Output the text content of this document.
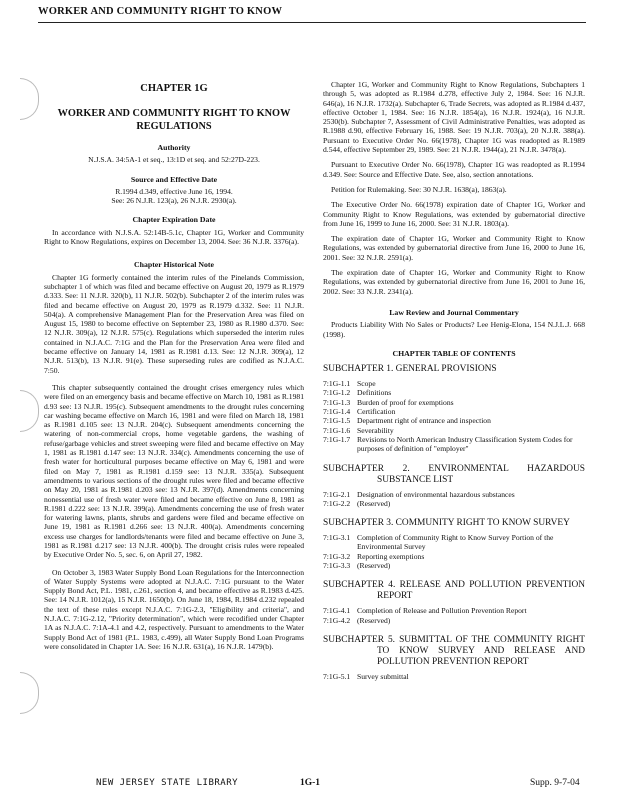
WORKER AND COMMUNITY RIGHT TO KNOW
CHAPTER 1G
WORKER AND COMMUNITY RIGHT TO KNOW REGULATIONS
Authority
N.J.S.A. 34:5A-1 et seq., 13:1D et seq. and 52:27D-223.
Source and Effective Date
R.1994 d.349, effective June 16, 1994.
See: 26 N.J.R. 123(a), 26 N.J.R. 2930(a).
Chapter Expiration Date

In accordance with N.J.S.A. 52:14B-5.1c, Chapter 1G, Worker and Community Right to Know Regulations, expires on December 13, 2004. See: 36 N.J.R. 3376(a).

Chapter Historical Note

Chapter 1G formerly contained the interim rules of the Pinelands Commission, subchapter 1 of which was filed and became effective on August 20, 1979 as R.1979 d.333. See: 11 N.J.R. 320(b), 11 N.J.R. 502(b). Subchapter 2 of the interim rules was filed and became effective on August 20, 1979 as R.1979 d.332. See: 11 N.J.R. 504(a). A comprehensive Management Plan for the Preservation Area was filed on August 15, 1980 to become effective on September 23, 1980 as R.1980 d.370. See: 12 N.J.R. 309(a), 12 N.J.R. 575(c). Regulations which superseded the interim rules contained in N.J.A.C. 7:1G and the Plan for the Preservation Area were filed and became effective on January 14, 1981 as R.1981 d.13. See: 12 N.J.R. 309(a), 12 N.J.R. 513(b), 13 N.J.R. 91(e). These superseding rules are codified as N.J.A.C. 7:50.

This chapter subsequently contained the drought crises emergency rules which were filed on an emergency basis and became effective on March 10, 1981 as R.1981 d.93 see: 13 N.J.R. 195(c). Subsequent amendments to the drought rules concerning car washing became effective on March 16, 1981 and were filed on March 18, 1981 as R.1981 d.105 see: 13 N.J.R. 204(c). Subsequent amendments concerning the watering of non-commercial crops, home vegetable gardens, the washing of refuse/garbage vehicles and street sweeping were filed and became effective on May 1, 1981 as R.1981 d.147 see: 13 N.J.R. 334(c). Amendments concerning the use of fresh water for horticultural purposes became effective on May 6, 1981 and were filed on May 7, 1981 as R.1981 d.159 see: 13 N.J.R. 335(a). Subsequent amendments to various sections of the drought rules were filed and became effective on May 20, 1981 as R.1981 d.203 see: 13 N.J.R. 397(d). Amendments concerning nonessential use of fresh water were filed and became effective on June 8, 1981 as R.1981 d.222 see: 13 N.J.R. 399(a). Amendments concerning the use of fresh water for watering lawns, plants, shrubs and gardens were filed and became effective on June 19, 1981 as R.1981 d.266 see: 13 N.J.R. 400(a). Amendments concerning excess use charges for landlords/tenants were filed and became effective on June 3, 1981 as R.1981 d.217 see: 13 N.J.R. 400(b). The drought crisis rules were repealed by Executive Order No. 5, sec. 6, on April 27, 1982.

On October 3, 1983 Water Supply Bond Loan Regulations for the Interconnection of Water Supply Systems were adopted at N.J.A.C. 7:1G pursuant to the Water Supply Bond Act, P.L. 1981, c.261, section 4, and became effective as R.1983 d.425. See: 14 N.J.R. 1012(a), 15 N.J.R. 1650(b). On June 18, 1984, R.1984 d.232 repealed the text of these rules except N.J.A.C. 7:1G-2.3, "Eligibility and criteria", and N.J.A.C. 7:1G-2.12, "Priority determination", which were recodified under Chapter 1A as N.J.A.C. 7:1A-4.1 and 4.2, respectively. Pursuant to amendments to the Water Supply Bond Act of 1981 (P.L. 1983, c.499), all Water Supply Bond Loan Programs were consolidated in Chapter 1A. See: 16 N.J.R. 631(a), 16 N.J.R. 1479(b).

Chapter 1G, Worker and Community Right to Know Regulations, Subchapters 1 through 5, was adopted as R.1984 d.278, effective July 2, 1984. See: 16 N.J.R. 646(a), 16 N.J.R. 1732(a). Subchapter 6, Trade Secrets, was adopted as R.1984 d.437, effective October 1, 1984. See: 16 N.J.R. 1854(a), 16 N.J.R. 1924(a), 16 N.J.R. 2530(b). Subchapter 7, Assessment of Civil Administrative Penalties, was adopted as R.1988 d.90, effective February 16, 1988. See: 19 N.J.R. 703(a), 20 N.J.R. 388(a). Pursuant to Executive Order No. 66(1978), Chapter 1G was readopted as R.1989 d.544, effective September 29, 1989. See: 21 N.J.R. 1944(a), 21 N.J.R. 3478(a).

Pursuant to Executive Order No. 66(1978), Chapter 1G was readopted as R.1994 d.349. See: Source and Effective Date. See, also, section annotations.

Petition for Rulemaking. See: 30 N.J.R. 1638(a), 1863(a).

The Executive Order No. 66(1978) expiration date of Chapter 1G, Worker and Community Right to Know Regulations, was extended by gubernatorial directive from June 16, 1999 to June 16, 2000. See: 31 N.J.R. 1803(a).

The expiration date of Chapter 1G, Worker and Community Right to Know Regulations, was extended by gubernatorial directive from June 16, 2000 to June 16, 2001. See: 32 N.J.R. 2591(a).

The expiration date of Chapter 1G, Worker and Community Right to Know Regulations, was extended by gubernatorial directive from June 16, 2001 to June 16, 2002. See: 33 N.J.R. 2341(a).

Law Review and Journal Commentary

Products Liability With No Sales or Products? Lee Henig-Elona, 154 N.J.L.J. 668 (1998).

CHAPTER TABLE OF CONTENTS
SUBCHAPTER 1. GENERAL PROVISIONS
7:1G-1.1 Scope
7:1G-1.2 Definitions
7:1G-1.3 Burden of proof for exemptions
7:1G-1.4 Certification
7:1G-1.5 Department right of entrance and inspection
7:1G-1.6 Severability
7:1G-1.7 Revisions to North American Industry Classification System Codes for purposes of definition of "employer"
SUBCHAPTER 2. ENVIRONMENTAL HAZARDOUS SUBSTANCE LIST
7:1G-2.1 Designation of environmental hazardous substances
7:1G-2.2 (Reserved)
SUBCHAPTER 3. COMMUNITY RIGHT TO KNOW SURVEY
7:1G-3.1 Completion of Community Right to Know Survey Portion of the Environmental Survey
7:1G-3.2 Reporting exemptions
7:1G-3.3 (Reserved)
SUBCHAPTER 4. RELEASE AND POLLUTION PREVENTION REPORT
7:1G-4.1 Completion of Release and Pollution Prevention Report
7:1G-4.2 (Reserved)
SUBCHAPTER 5. SUBMITTAL OF THE COMMUNITY RIGHT TO KNOW SURVEY AND RELEASE AND POLLUTION PREVENTION REPORT
7:1G-5.1 Survey submittal
NEW JERSEY STATE LIBRARY	1G-1	Supp. 9-7-04
